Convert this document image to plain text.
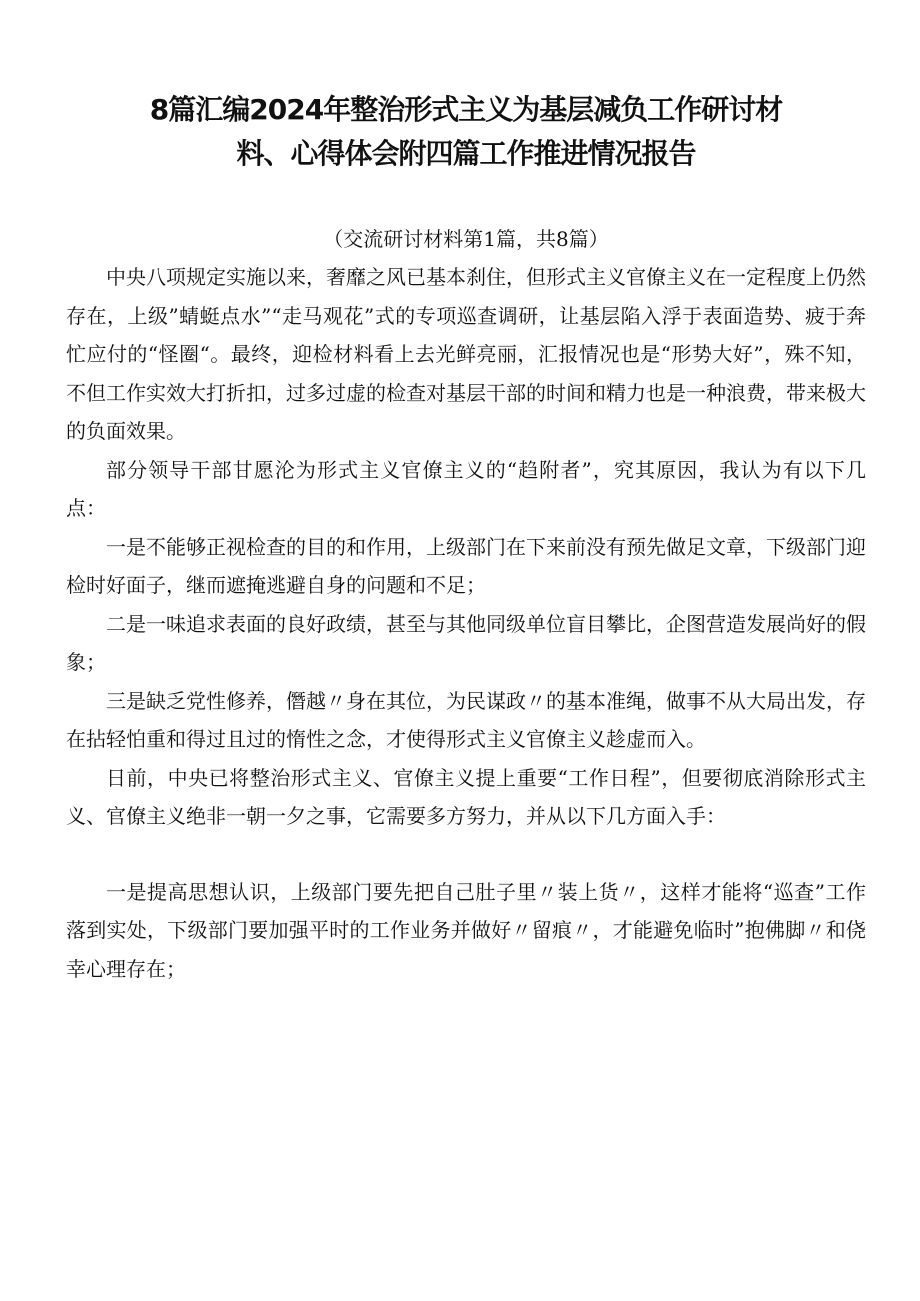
8篇汇编2024年整治形式主义为基层减负工作研讨材
料、心得体会附四篇工作推进情况报告
（交流研讨材料第1篇，共8篇）

中央八项规定实施以来，奢靡之风已基本刹住，但形式主义官僚主义在一定程度上仍然存在，上级”蜻蜓点水”“走马观花”式的专项巡查调研，让基层陷入浮于表面造势、疲于奔忙应付的“怪圈“。最终，迎检材料看上去光鲜亮丽，汇报情况也是“形势大好”，殊不知，不但工作实效大打折扣，过多过虚的检查对基层干部的时间和精力也是一种浪费，带来极大的负面效果。

部分领导干部甘愿沦为形式主义官僚主义的“趋附者”，究其原因，我认为有以下几点：

一是不能够正视检查的目的和作用，上级部门在下来前没有预先做足文章，下级部门迎检时好面子，继而遮掩逃避自身的问题和不足；

二是一味追求表面的良好政绩，甚至与其他同级单位盲目攀比，企图营造发展尚好的假象；

三是缺乏党性修养，僭越〃身在其位，为民谋政〃的基本准绳，做事不从大局出发，存在拈轻怕重和得过且过的惰性之念，才使得形式主义官僚主义趁虚而入。

日前，中央已将整治形式主义、官僚主义提上重要“工作日程”，但要彻底消除形式主义、官僚主义绝非一朝一夕之事，它需要多方努力，并从以下几方面入手：

一是提高思想认识，上级部门要先把自己肚子里〃装上货〃，这样才能将“巡查”工作落到实处，下级部门要加强平时的工作业务并做好〃留痕〃，才能避免临时”抱佛脚〃和侥幸心理存在；
